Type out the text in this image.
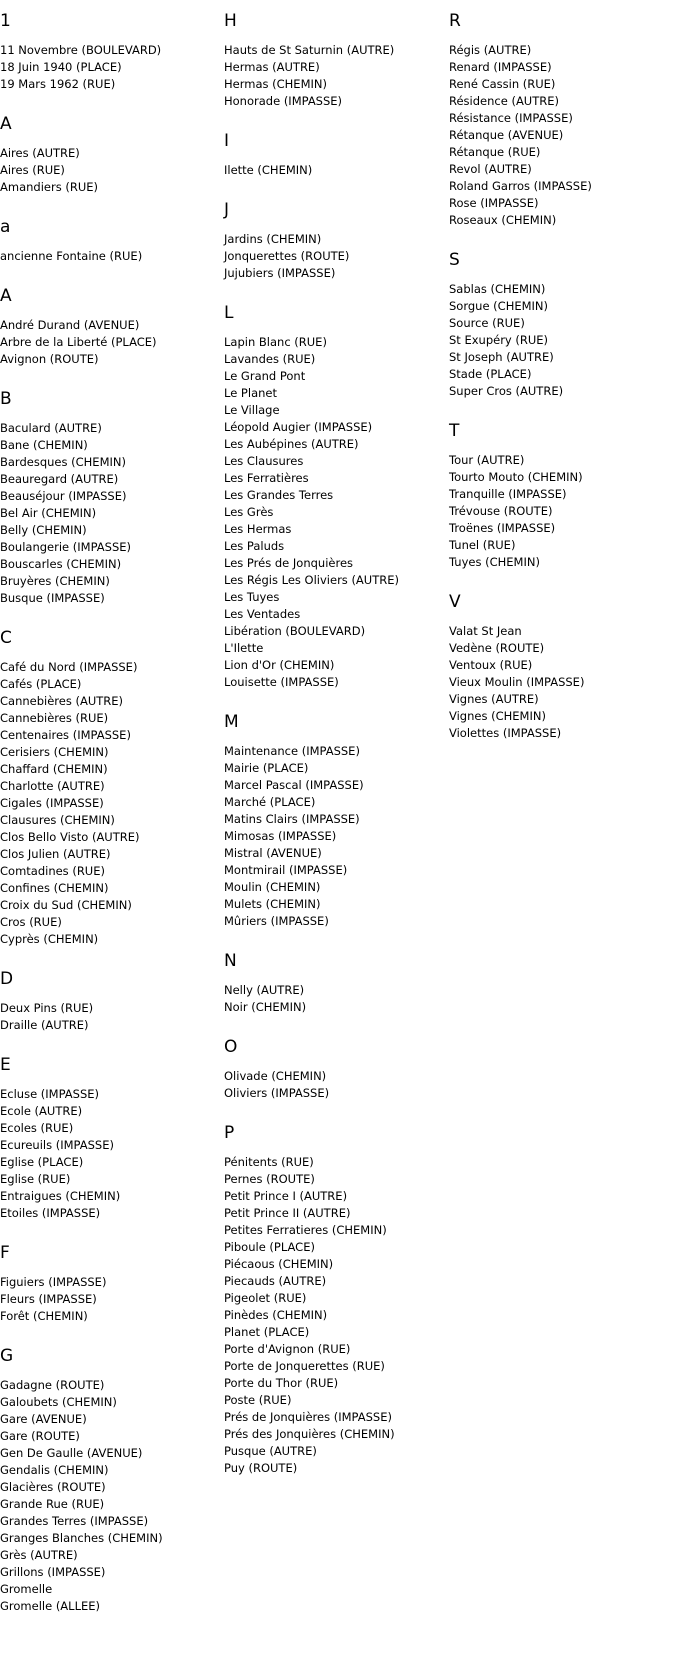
1
11 Novembre (BOULEVARD)
18 Juin 1940 (PLACE)
19 Mars 1962 (RUE)
A
Aires (AUTRE)
Aires (RUE)
Amandiers (RUE)
a
ancienne Fontaine (RUE)
A
André Durand (AVENUE)
Arbre de la Liberté (PLACE)
Avignon (ROUTE)
B
Baculard (AUTRE)
Bane (CHEMIN)
Bardesques (CHEMIN)
Beauregard (AUTRE)
Beauséjour (IMPASSE)
Bel Air (CHEMIN)
Belly (CHEMIN)
Boulangerie (IMPASSE)
Bouscarles (CHEMIN)
Bruyères (CHEMIN)
Busque (IMPASSE)
C
Café du Nord (IMPASSE)
Cafés (PLACE)
Cannebières (AUTRE)
Cannebières (RUE)
Centenaires (IMPASSE)
Cerisiers (CHEMIN)
Chaffard (CHEMIN)
Charlotte (AUTRE)
Cigales (IMPASSE)
Clausures (CHEMIN)
Clos Bello Visto (AUTRE)
Clos Julien (AUTRE)
Comtadines (RUE)
Confines (CHEMIN)
Croix du Sud (CHEMIN)
Cros (RUE)
Cyprès (CHEMIN)
D
Deux Pins (RUE)
Draille (AUTRE)
E
Ecluse (IMPASSE)
Ecole (AUTRE)
Ecoles (RUE)
Ecureuils (IMPASSE)
Eglise (PLACE)
Eglise (RUE)
Entraigues (CHEMIN)
Etoiles (IMPASSE)
F
Figuiers (IMPASSE)
Fleurs (IMPASSE)
Forêt (CHEMIN)
G
Gadagne (ROUTE)
Galoubets (CHEMIN)
Gare (AVENUE)
Gare (ROUTE)
Gen De Gaulle (AVENUE)
Gendalis (CHEMIN)
Glacières (ROUTE)
Grande Rue (RUE)
Grandes Terres (IMPASSE)
Granges Blanches (CHEMIN)
Grès (AUTRE)
Grillons (IMPASSE)
Gromelle
Gromelle (ALLEE)
H
Hauts de St Saturnin (AUTRE)
Hermas (AUTRE)
Hermas (CHEMIN)
Honorade (IMPASSE)
I
Ilette (CHEMIN)
J
Jardins (CHEMIN)
Jonquerettes (ROUTE)
Jujubiers (IMPASSE)
L
Lapin Blanc (RUE)
Lavandes (RUE)
Le Grand Pont
Le Planet
Le Village
Léopold Augier (IMPASSE)
Les Aubépines (AUTRE)
Les Clausures
Les Ferratières
Les Grandes Terres
Les Grès
Les Hermas
Les Paluds
Les Prés de Jonquières
Les Régis Les Oliviers (AUTRE)
Les Tuyes
Les Ventades
Libération (BOULEVARD)
L'Ilette
Lion d'Or (CHEMIN)
Louisette (IMPASSE)
M
Maintenance (IMPASSE)
Mairie (PLACE)
Marcel Pascal (IMPASSE)
Marché (PLACE)
Matins Clairs (IMPASSE)
Mimosas (IMPASSE)
Mistral (AVENUE)
Montmirail (IMPASSE)
Moulin (CHEMIN)
Mulets (CHEMIN)
Mûriers (IMPASSE)
N
Nelly (AUTRE)
Noir (CHEMIN)
O
Olivade (CHEMIN)
Oliviers (IMPASSE)
P
Pénitents (RUE)
Pernes (ROUTE)
Petit Prince I (AUTRE)
Petit Prince II (AUTRE)
Petites Ferratieres (CHEMIN)
Piboule (PLACE)
Piécaous (CHEMIN)
Piecauds (AUTRE)
Pigeolet (RUE)
Pinèdes (CHEMIN)
Planet (PLACE)
Porte d'Avignon (RUE)
Porte de Jonquerettes (RUE)
Porte du Thor (RUE)
Poste (RUE)
Prés de Jonquières (IMPASSE)
Prés des Jonquières (CHEMIN)
Pusque (AUTRE)
Puy (ROUTE)
R
Régis (AUTRE)
Renard (IMPASSE)
René Cassin (RUE)
Résidence (AUTRE)
Résistance (IMPASSE)
Rétanque (AVENUE)
Rétanque (RUE)
Revol (AUTRE)
Roland Garros (IMPASSE)
Rose (IMPASSE)
Roseaux (CHEMIN)
S
Sablas (CHEMIN)
Sorgue (CHEMIN)
Source (RUE)
St Exupéry (RUE)
St Joseph (AUTRE)
Stade (PLACE)
Super Cros (AUTRE)
T
Tour (AUTRE)
Tourto Mouto (CHEMIN)
Tranquille (IMPASSE)
Trévouse (ROUTE)
Troënes (IMPASSE)
Tunel (RUE)
Tuyes (CHEMIN)
V
Valat St Jean
Vedène (ROUTE)
Ventoux (RUE)
Vieux Moulin (IMPASSE)
Vignes (AUTRE)
Vignes (CHEMIN)
Violettes (IMPASSE)
